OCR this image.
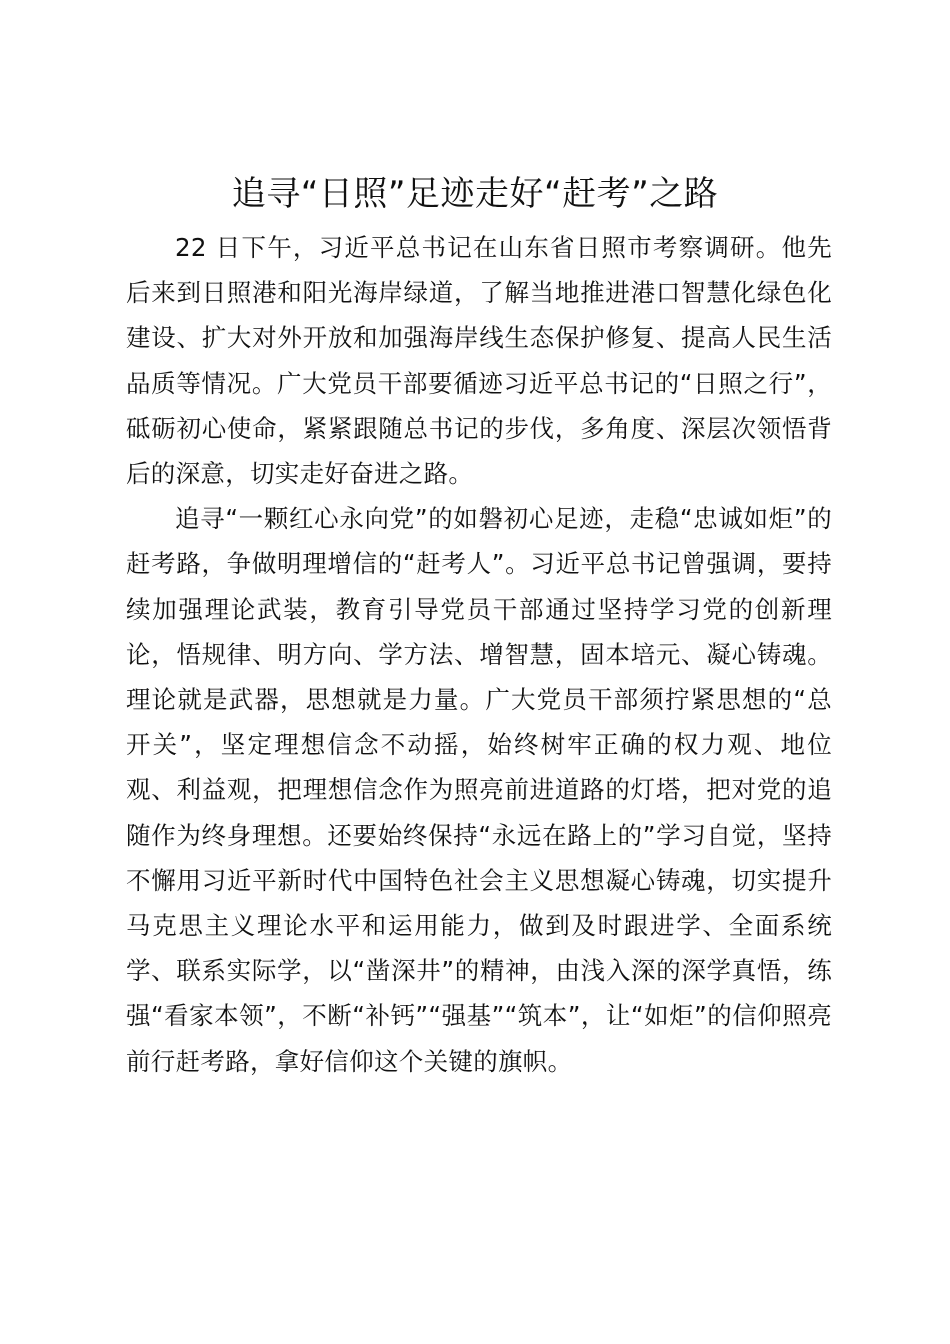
追寻“日照”足迹走好“赶考”之路

22 日下午，习近平总书记在山东省日照市考察调研。他先后来到日照港和阳光海岸绿道，了解当地推进港口智慧化绿色化建设、扩大对外开放和加强海岸线生态保护修复、提高人民生活品质等情况。广大党员干部要循迹习近平总书记的“日照之行”，砥砺初心使命，紧紧跟随总书记的步伐，多角度、深层次领悟背后的深意，切实走好奋进之路。

追寻“一颗红心永向党”的如磐初心足迹，走稳“忠诚如炬”的赶考路，争做明理增信的“赶考人”。习近平总书记曾强调，要持续加强理论武装，教育引导党员干部通过坚持学习党的创新理论，悟规律、明方向、学方法、增智慧，固本培元、凝心铸魂。理论就是武器，思想就是力量。广大党员干部须拧紧思想的“总开关”，坚定理想信念不动摇，始终树牢正确的权力观、地位观、利益观，把理想信念作为照亮前进道路的灯塔，把对党的追随作为终身理想。还要始终保持“永远在路上的”学习自觉，坚持不懈用习近平新时代中国特色社会主义思想凝心铸魂，切实提升马克思主义理论水平和运用能力，做到及时跟进学、全面系统学、联系实际学，以“凿深井”的精神，由浅入深的深学真悟，练强“看家本领”，不断“补钙”“强基”“筑本”，让“如炬”的信仰照亮前行赶考路，拿好信仰这个关键的旗帜。
